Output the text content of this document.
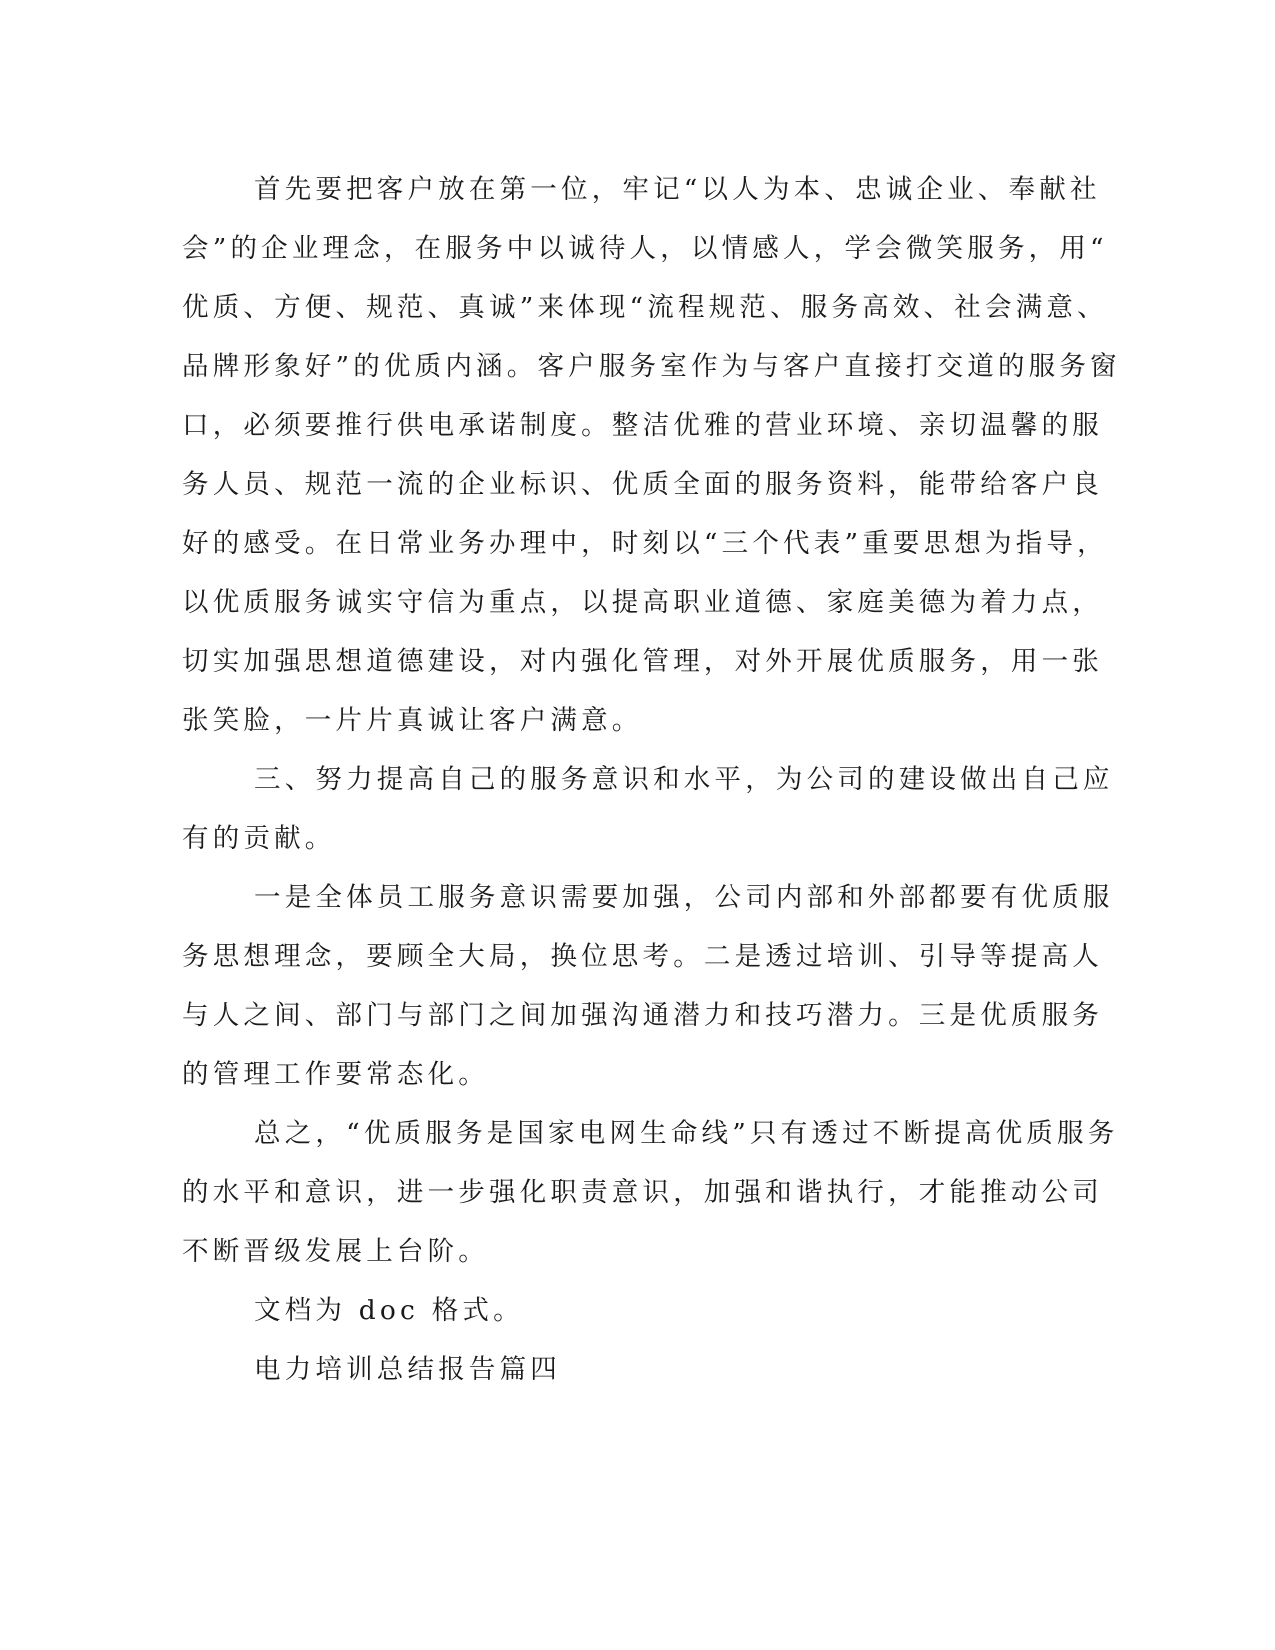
首先要把客户放在第一位，牢记“以人为本、忠诚企业、奉献社
会”的企业理念，在服务中以诚待人，以情感人，学会微笑服务，用“
优质、方便、规范、真诚”来体现“流程规范、服务高效、社会满意、
品牌形象好”的优质内涵。客户服务室作为与客户直接打交道的服务窗
口，必须要推行供电承诺制度。整洁优雅的营业环境、亲切温馨的服
务人员、规范一流的企业标识、优质全面的服务资料，能带给客户良
好的感受。在日常业务办理中，时刻以“三个代表”重要思想为指导，
以优质服务诚实守信为重点，以提高职业道德、家庭美德为着力点，
切实加强思想道德建设，对内强化管理，对外开展优质服务，用一张
张笑脸，一片片真诚让客户满意。
三、努力提高自己的服务意识和水平，为公司的建设做出自己应
有的贡献。
一是全体员工服务意识需要加强，公司内部和外部都要有优质服
务思想理念，要顾全大局，换位思考。二是透过培训、引导等提高人
与人之间、部门与部门之间加强沟通潜力和技巧潜力。三是优质服务
的管理工作要常态化。
总之，“优质服务是国家电网生命线”只有透过不断提高优质服务
的水平和意识，进一步强化职责意识，加强和谐执行，才能推动公司
不断晋级发展上台阶。
文档为 doc 格式。
电力培训总结报告篇四
